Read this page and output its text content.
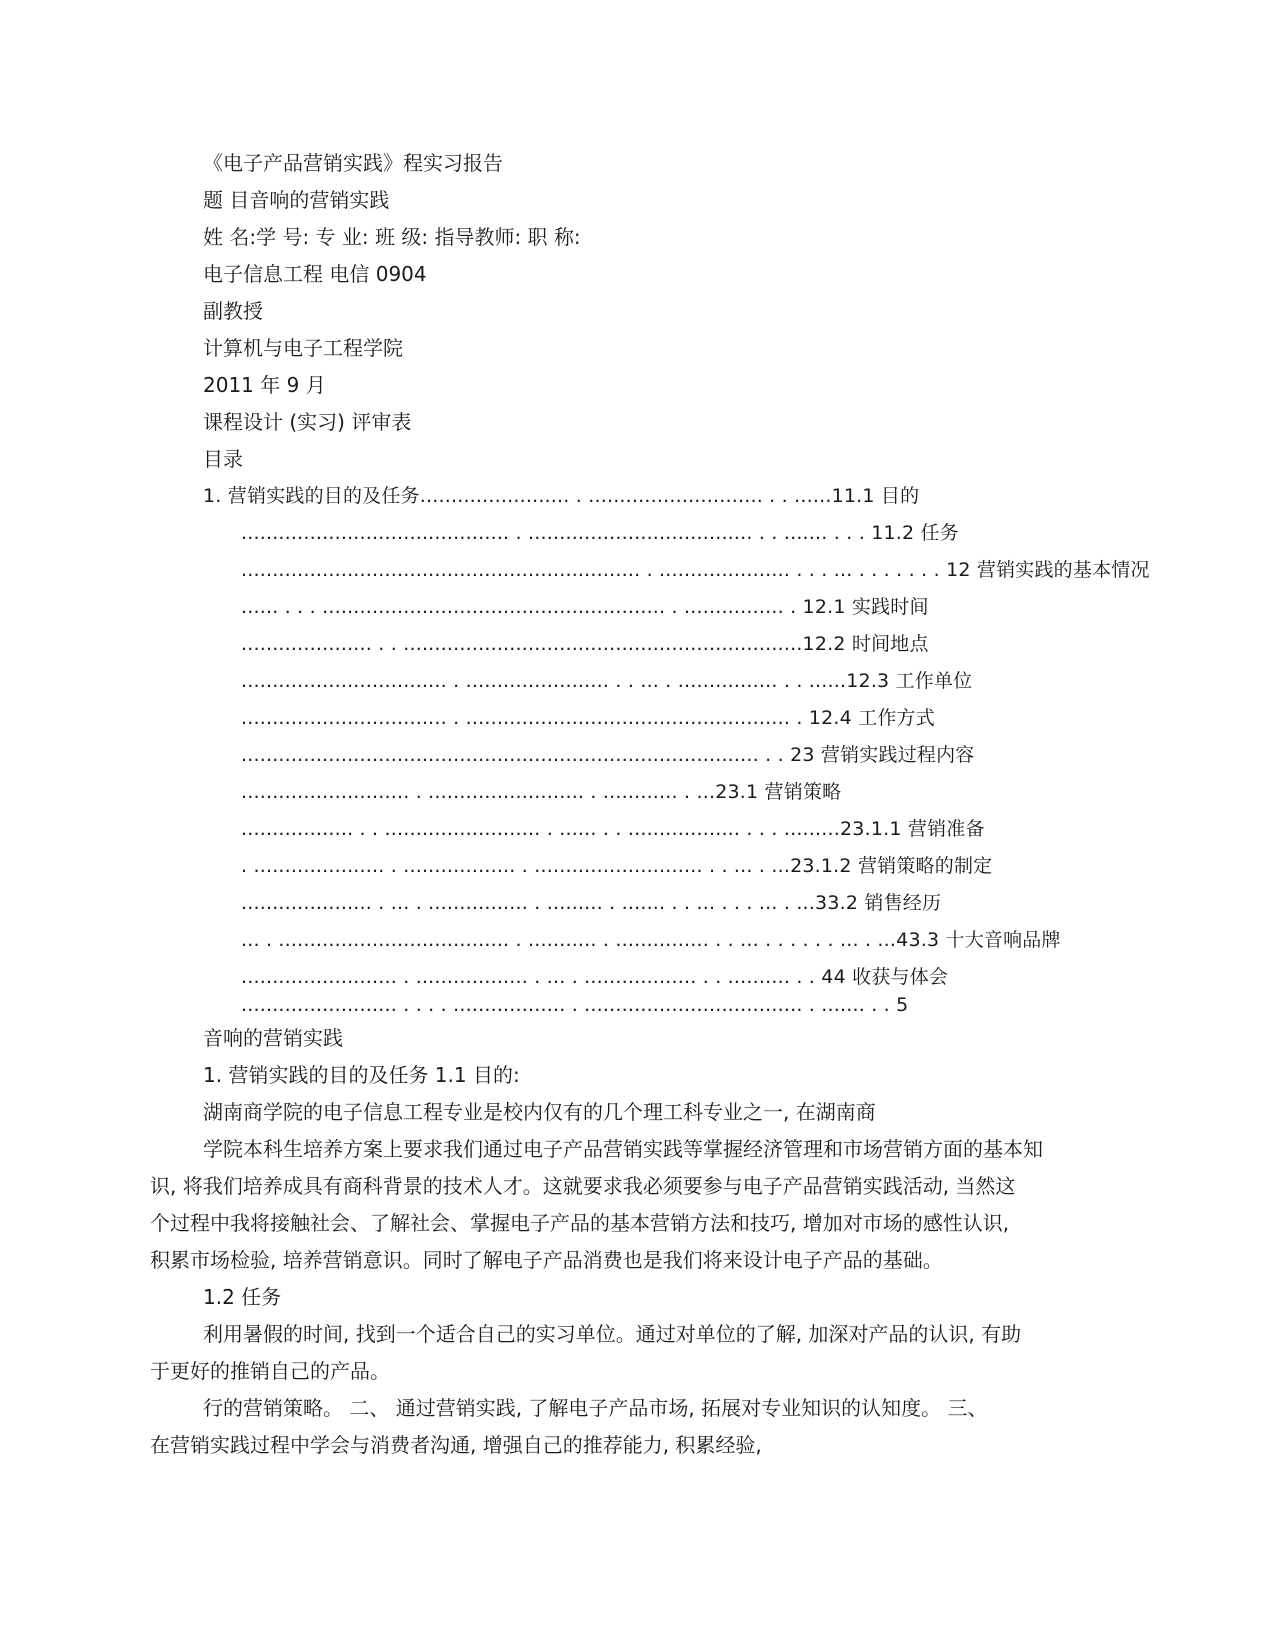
《电子产品营销实践》程实习报告
题 目音响的营销实践
姓 名:学 号: 专 业: 班 级: 指导教师: 职 称:
电子信息工程 电信 0904
副教授
计算机与电子工程学院
2011 年 9 月
课程设计 (实习) 评审表
目录
1. 营销实践的目的及任务........................ . ............................ . . ......11.1 目的
........................................... . .................................... . . ....... . . . 11.2 任务
................................................................ . ..................... . . . ... . . . . . . . 12 营销实践的基本情况
...... . . . ....................................................... . ................ . 12.1 实践时间
..................... . . ................................................................12.2 时间地点
................................. . ....................... . . ... . ................ . . ......12.3 工作单位
................................. . .................................................... . 12.4 工作方式
................................................................................... . . 23 营销实践过程内容
........................... . ......................... . ............ . ...23.1 营销策略
.................. . . ......................... . ...... . . .................. . . . .........23.1.1 营销准备
. ..................... . .................. . ........................... . . ... . ...23.1.2 营销策略的制定
..................... . ... . ................ . ......... . ....... . . ... . . . ... . ...33.2 销售经历
... . ..................................... . ........... . ............... . . ... . . . . . . ... . ...43.3 十大音响品牌
......................... . .................. . ... . .................. . . .......... . . 44 收获与体会
......................... . . . . .................. . ................................... . ....... . . 5
音响的营销实践
1. 营销实践的目的及任务 1.1 目的:
湖南商学院的电子信息工程专业是校内仅有的几个理工科专业之一, 在湖南商
学院本科生培养方案上要求我们通过电子产品营销实践等掌握经济管理和市场营销方面的基本知
识, 将我们培养成具有商科背景的技术人才。这就要求我必须要参与电子产品营销实践活动, 当然这
个过程中我将接触社会、了解社会、掌握电子产品的基本营销方法和技巧, 增加对市场的感性认识,
积累市场检验, 培养营销意识。同时了解电子产品消费也是我们将来设计电子产品的基础。
1.2 任务
利用暑假的时间, 找到一个适合自己的实习单位。通过对单位的了解, 加深对产品的认识, 有助
于更好的推销自己的产品。
行的营销策略。 二、 通过营销实践, 了解电子产品市场, 拓展对专业知识的认知度。 三、
在营销实践过程中学会与消费者沟通, 增强自己的推荐能力, 积累经验,
